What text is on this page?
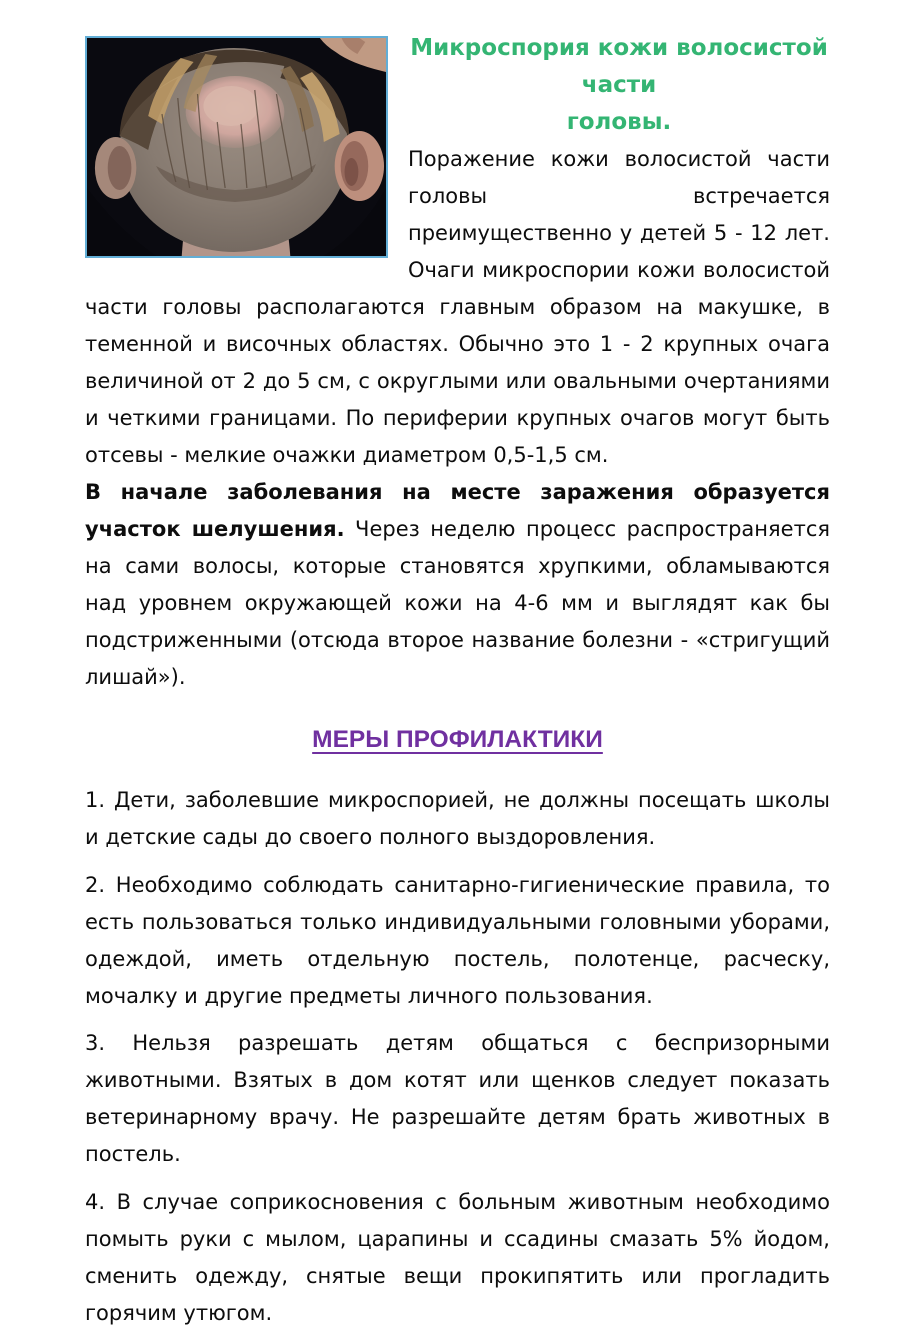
Микроспория кожи волосистой части
головы.

Поражение кожи волосистой части головы встречается преимущественно у детей 5 - 12 лет. Очаги микроспории кожи волосистой части головы располагаются главным образом на макушке, в теменной и височных областях. Обычно это 1 - 2 крупных очага величиной от 2 до 5 см, с округлыми или овальными очертаниями и четкими границами. По периферии крупных очагов могут быть отсевы - мелкие очажки диаметром 0,5-1,5 см.

В начале заболевания на месте заражения образуется участок шелушения. Через неделю процесс распространяется на сами волосы, которые становятся хрупкими, обламываются над уровнем окружающей кожи на 4-6 мм и выглядят как бы подстриженными (отсюда второе название болезни - «стригущий лишай»).

МЕРЫ ПРОФИЛАКТИКИ

1. Дети, заболевшие микроспорией, не должны посещать школы и детские сады до своего полного выздоровления.

2. Необходимо соблюдать санитарно-гигиенические правила, то есть пользоваться только индивидуальными головными уборами, одеждой, иметь отдельную постель, полотенце, расческу, мочалку и другие предметы личного пользования.

3. Нельзя разрешать детям общаться с беспризорными животными. Взятых в дом котят или щенков следует показать ветеринарному врачу. Не разрешайте детям брать животных в постель.

4. В случае соприкосновения с больным животным необходимо помыть руки с мылом, царапины и ссадины смазать 5% йодом, сменить одежду, снятые вещи прокипятить или прогладить горячим утюгом.
